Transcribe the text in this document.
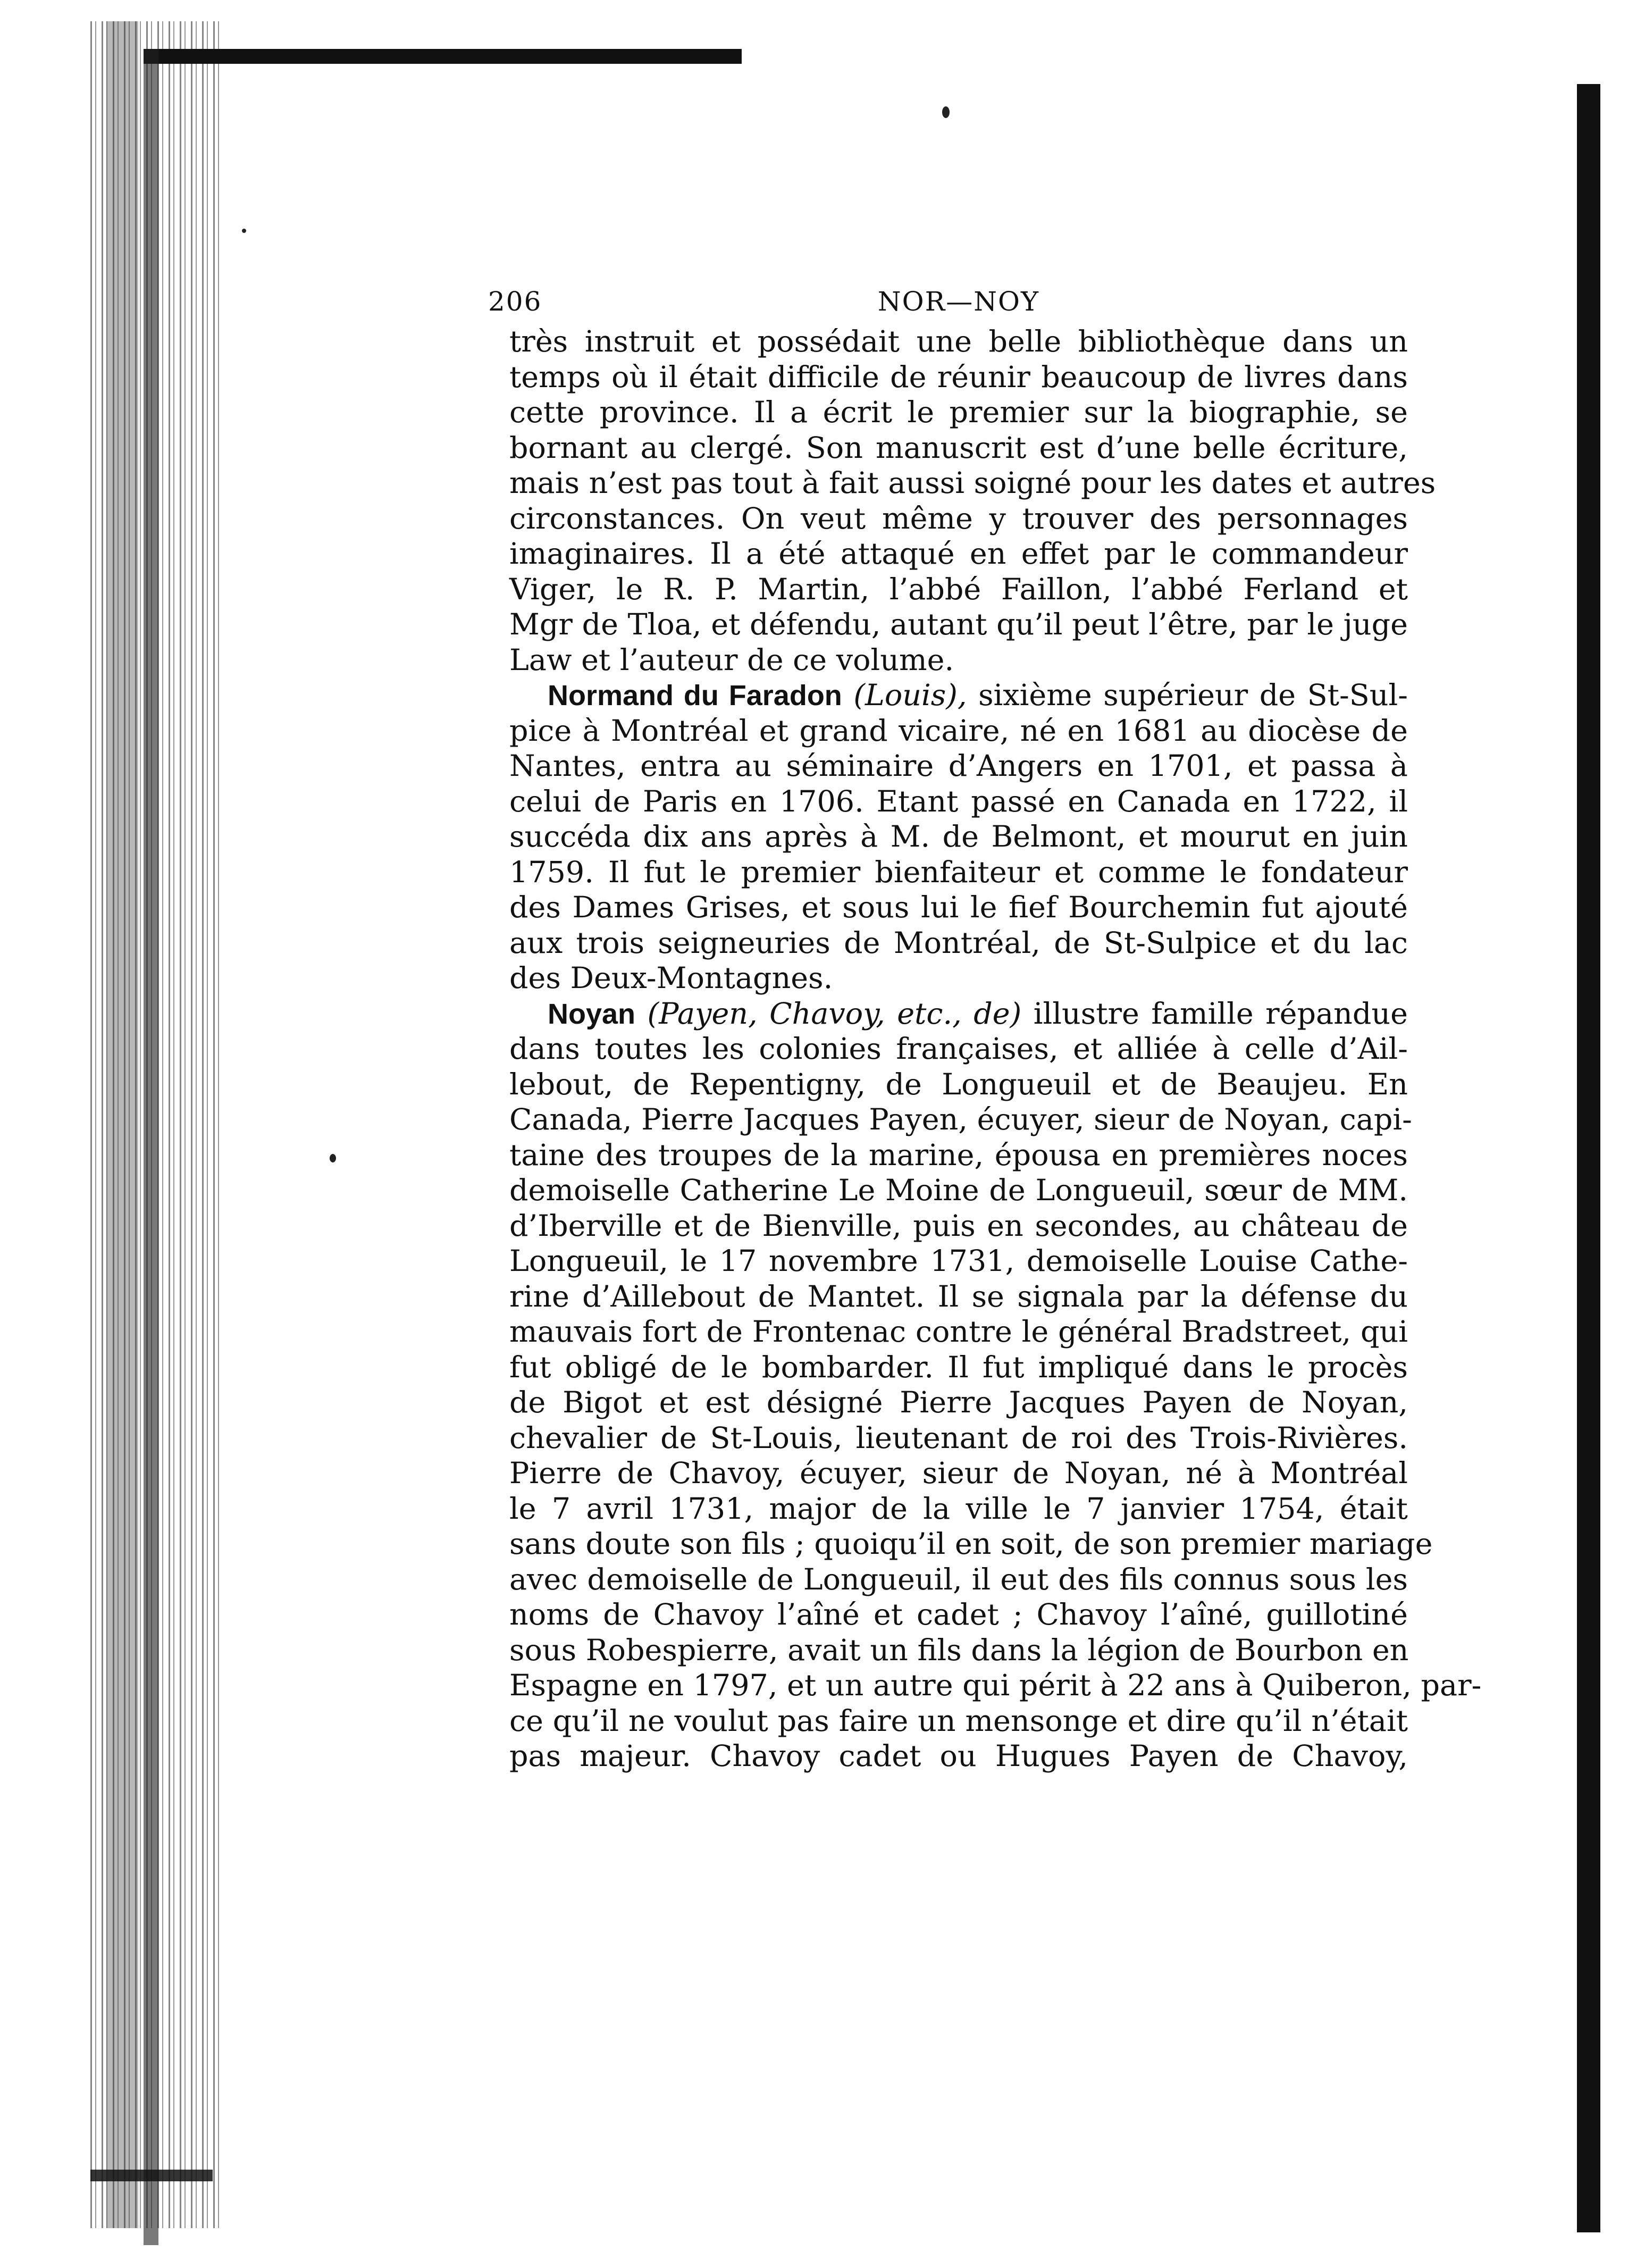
206	NOR—NOY

très instruit et possédait une belle bibliothèque dans un
temps où il était difficile de réunir beaucoup de livres dans
cette province. Il a écrit le premier sur la biographie, se
bornant au clergé. Son manuscrit est d’une belle écriture,
mais n’est pas tout à fait aussi soigné pour les dates et autres
circonstances. On veut même y trouver des personnages
imaginaires. Il a été attaqué en effet par le commandeur
Viger, le R. P. Martin, l’abbé Faillon, l’abbé Ferland et
Mgr de Tloa, et défendu, autant qu’il peut l’être, par le juge
Law et l’auteur de ce volume.

Normand du Faradon (Louis), sixième supérieur de St-Sul-
pice à Montréal et grand vicaire, né en 1681 au diocèse de
Nantes, entra au séminaire d’Angers en 1701, et passa à
celui de Paris en 1706. Etant passé en Canada en 1722, il
succéda dix ans après à M. de Belmont, et mourut en juin
1759. Il fut le premier bienfaiteur et comme le fondateur
des Dames Grises, et sous lui le fief Bourchemin fut ajouté
aux trois seigneuries de Montréal, de St-Sulpice et du lac
des Deux-Montagnes.

Noyan (Payen, Chavoy, etc., de) illustre famille répandue
dans toutes les colonies françaises, et alliée à celle d’Ail-
lebout, de Repentigny, de Longueuil et de Beaujeu. En
Canada, Pierre Jacques Payen, écuyer, sieur de Noyan, capi-
taine des troupes de la marine, épousa en premières noces
demoiselle Catherine Le Moine de Longueuil, sœur de MM.
d’Iberville et de Bienville, puis en secondes, au château de
Longueuil, le 17 novembre 1731, demoiselle Louise Cathe-
rine d’Aillebout de Mantet. Il se signala par la défense du
mauvais fort de Frontenac contre le général Bradstreet, qui
fut obligé de le bombarder. Il fut impliqué dans le procès
de Bigot et est désigné Pierre Jacques Payen de Noyan,
chevalier de St-Louis, lieutenant de roi des Trois-Rivières.
Pierre de Chavoy, écuyer, sieur de Noyan, né à Montréal
le 7 avril 1731, major de la ville le 7 janvier 1754, était
sans doute son fils ; quoiqu’il en soit, de son premier mariage
avec demoiselle de Longueuil, il eut des fils connus sous les
noms de Chavoy l’aîné et cadet ; Chavoy l’aîné, guillotiné
sous Robespierre, avait un fils dans la légion de Bourbon en
Espagne en 1797, et un autre qui périt à 22 ans à Quiberon, par-
ce qu’il ne voulut pas faire un mensonge et dire qu’il n’était
pas majeur. Chavoy cadet ou Hugues Payen de Chavoy,
